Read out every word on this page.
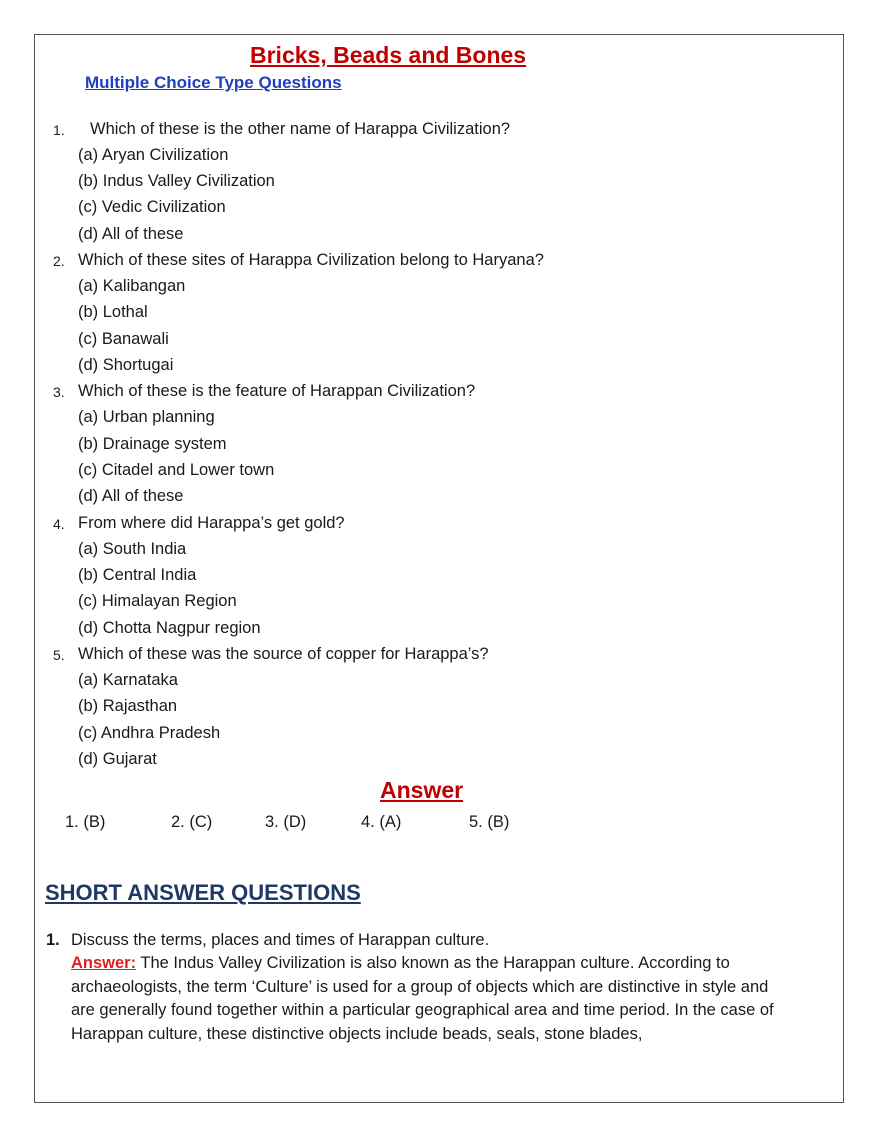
Bricks, Beads and Bones
Multiple Choice Type Questions
1. Which of these is the other name of Harappa Civilization?
(a) Aryan Civilization
(b) Indus Valley Civilization
(c) Vedic Civilization
(d) All of these
2. Which of these sites of Harappa Civilization belong to Haryana?
(a) Kalibangan
(b) Lothal
(c) Banawali
(d) Shortugai
3. Which of these is the feature of Harappan Civilization?
(a) Urban planning
(b) Drainage system
(c) Citadel and Lower town
(d) All of these
4. From where did Harappa’s get gold?
(a) South India
(b) Central India
(c) Himalayan Region
(d) Chotta Nagpur region
5. Which of these was the source of copper for Harappa’s?
(a) Karnataka
(b) Rajasthan
(c) Andhra Pradesh
(d) Gujarat
Answer
1. (B)	2. (C)	3. (D)	4. (A)	5. (B)
SHORT ANSWER QUESTIONS
1. Discuss the terms, places and times of Harappan culture.
Answer: The Indus Valley Civilization is also known as the Harappan culture. According to archaeologists, the term ‘Culture’ is used for a group of objects which are distinctive in style and are generally found together within a particular geographical area and time period. In the case of Harappan culture, these distinctive objects include beads, seals, stone blades,
